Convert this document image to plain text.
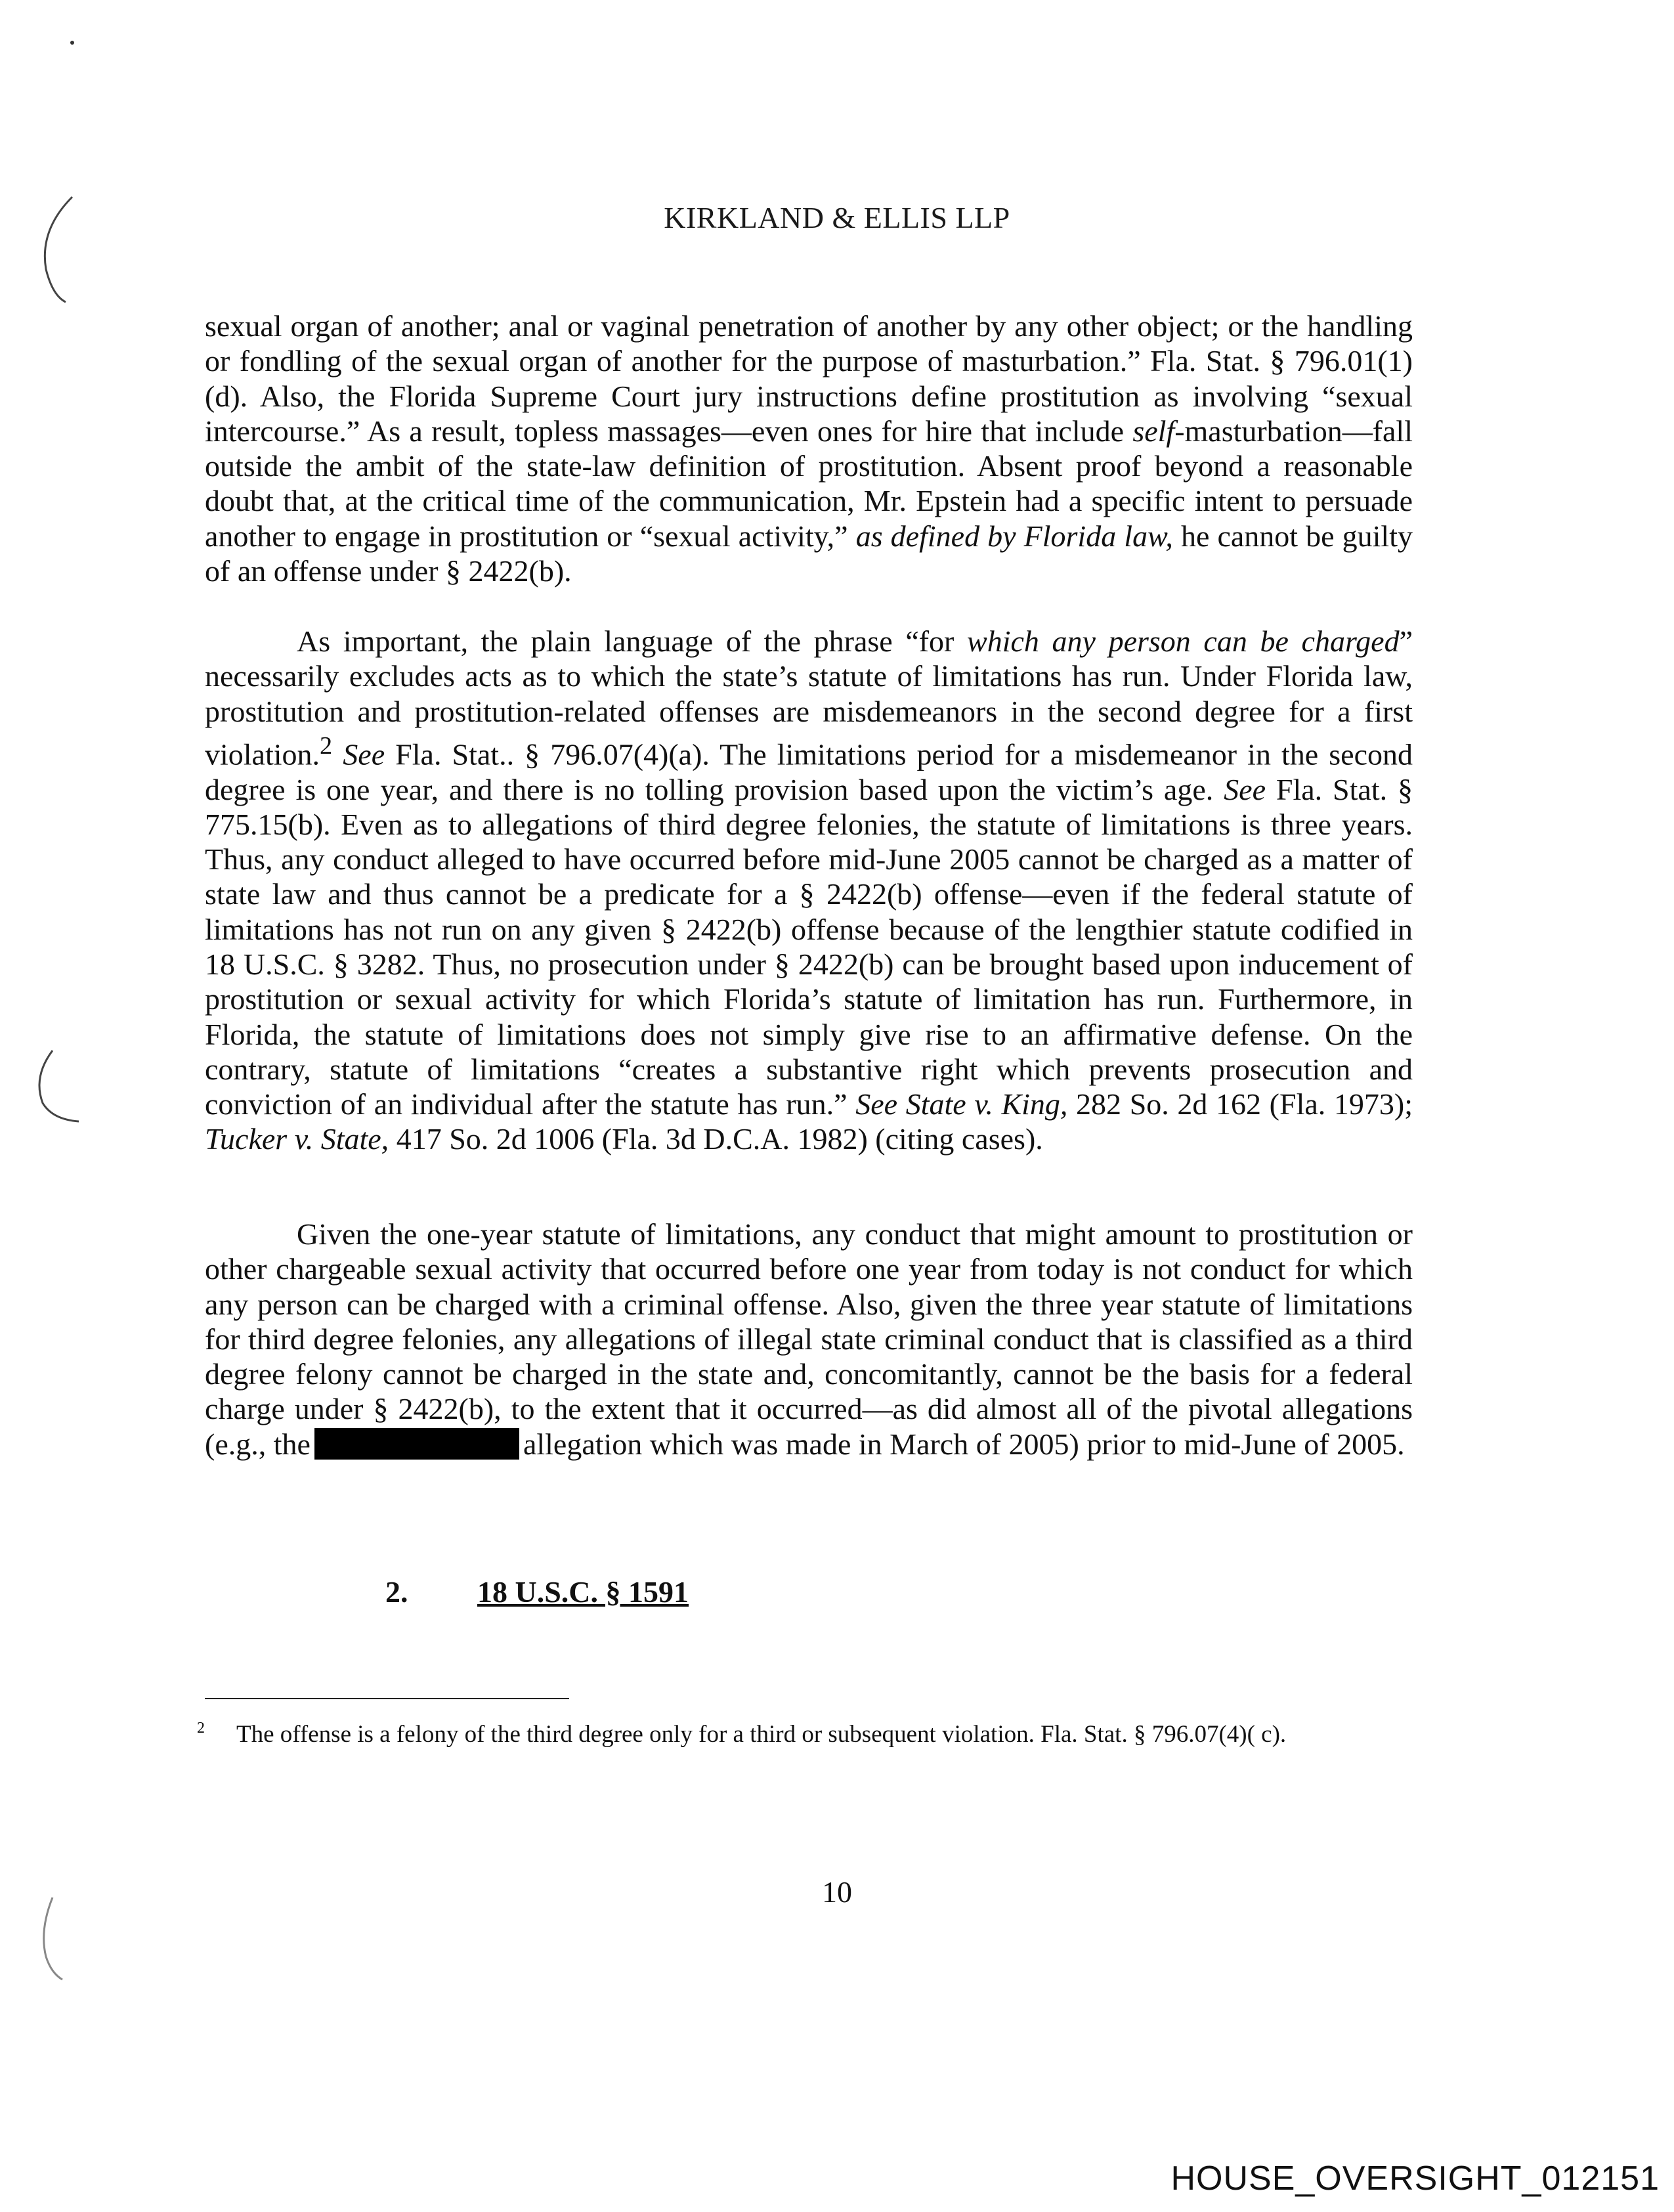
KIRKLAND & ELLIS LLP

sexual organ of another; anal or vaginal penetration of another by any other object; or the handling or fondling of the sexual organ of another for the purpose of masturbation.” Fla. Stat. § 796.01(1)(d). Also, the Florida Supreme Court jury instructions define prostitution as involving “sexual intercourse.” As a result, topless massages—even ones for hire that include self-masturbation—fall outside the ambit of the state-law definition of prostitution. Absent proof beyond a reasonable doubt that, at the critical time of the communication, Mr. Epstein had a specific intent to persuade another to engage in prostitution or “sexual activity,” as defined by Florida law, he cannot be guilty of an offense under § 2422(b).

As important, the plain language of the phrase “for which any person can be charged” necessarily excludes acts as to which the state’s statute of limitations has run. Under Florida law, prostitution and prostitution-related offenses are misdemeanors in the second degree for a first violation.$^2$ See Fla. Stat.. § 796.07(4)(a). The limitations period for a misdemeanor in the second degree is one year, and there is no tolling provision based upon the victim’s age. See Fla. Stat. § 775.15(b). Even as to allegations of third degree felonies, the statute of limitations is three years. Thus, any conduct alleged to have occurred before mid-June 2005 cannot be charged as a matter of state law and thus cannot be a predicate for a § 2422(b) offense—even if the federal statute of limitations has not run on any given § 2422(b) offense because of the lengthier statute codified in 18 U.S.C. § 3282. Thus, no prosecution under § 2422(b) can be brought based upon inducement of prostitution or sexual activity for which Florida’s statute of limitation has run. Furthermore, in Florida, the statute of limitations does not simply give rise to an affirmative defense. On the contrary, statute of limitations “creates a substantive right which prevents prosecution and conviction of an individual after the statute has run.” See State v. King, 282 So. 2d 162 (Fla. 1973); Tucker v. State, 417 So. 2d 1006 (Fla. 3d D.C.A. 1982) (citing cases).

Given the one-year statute of limitations, any conduct that might amount to prostitution or other chargeable sexual activity that occurred before one year from today is not conduct for which any person can be charged with a criminal offense. Also, given the three year statute of limitations for third degree felonies, any allegations of illegal state criminal conduct that is classified as a third degree felony cannot be charged in the state and, concomitantly, cannot be the basis for a federal charge under § 2422(b), to the extent that it occurred—as did almost all of the pivotal allegations (e.g., the	allegation which was made in March of 2005) prior to mid-June of 2005.

2. 18 U.S.C. § 1591
$^2$ The offense is a felony of the third degree only for a third or subsequent violation. Fla. Stat. § 796.07(4)( c).
10
HOUSE_OVERSIGHT_012151
